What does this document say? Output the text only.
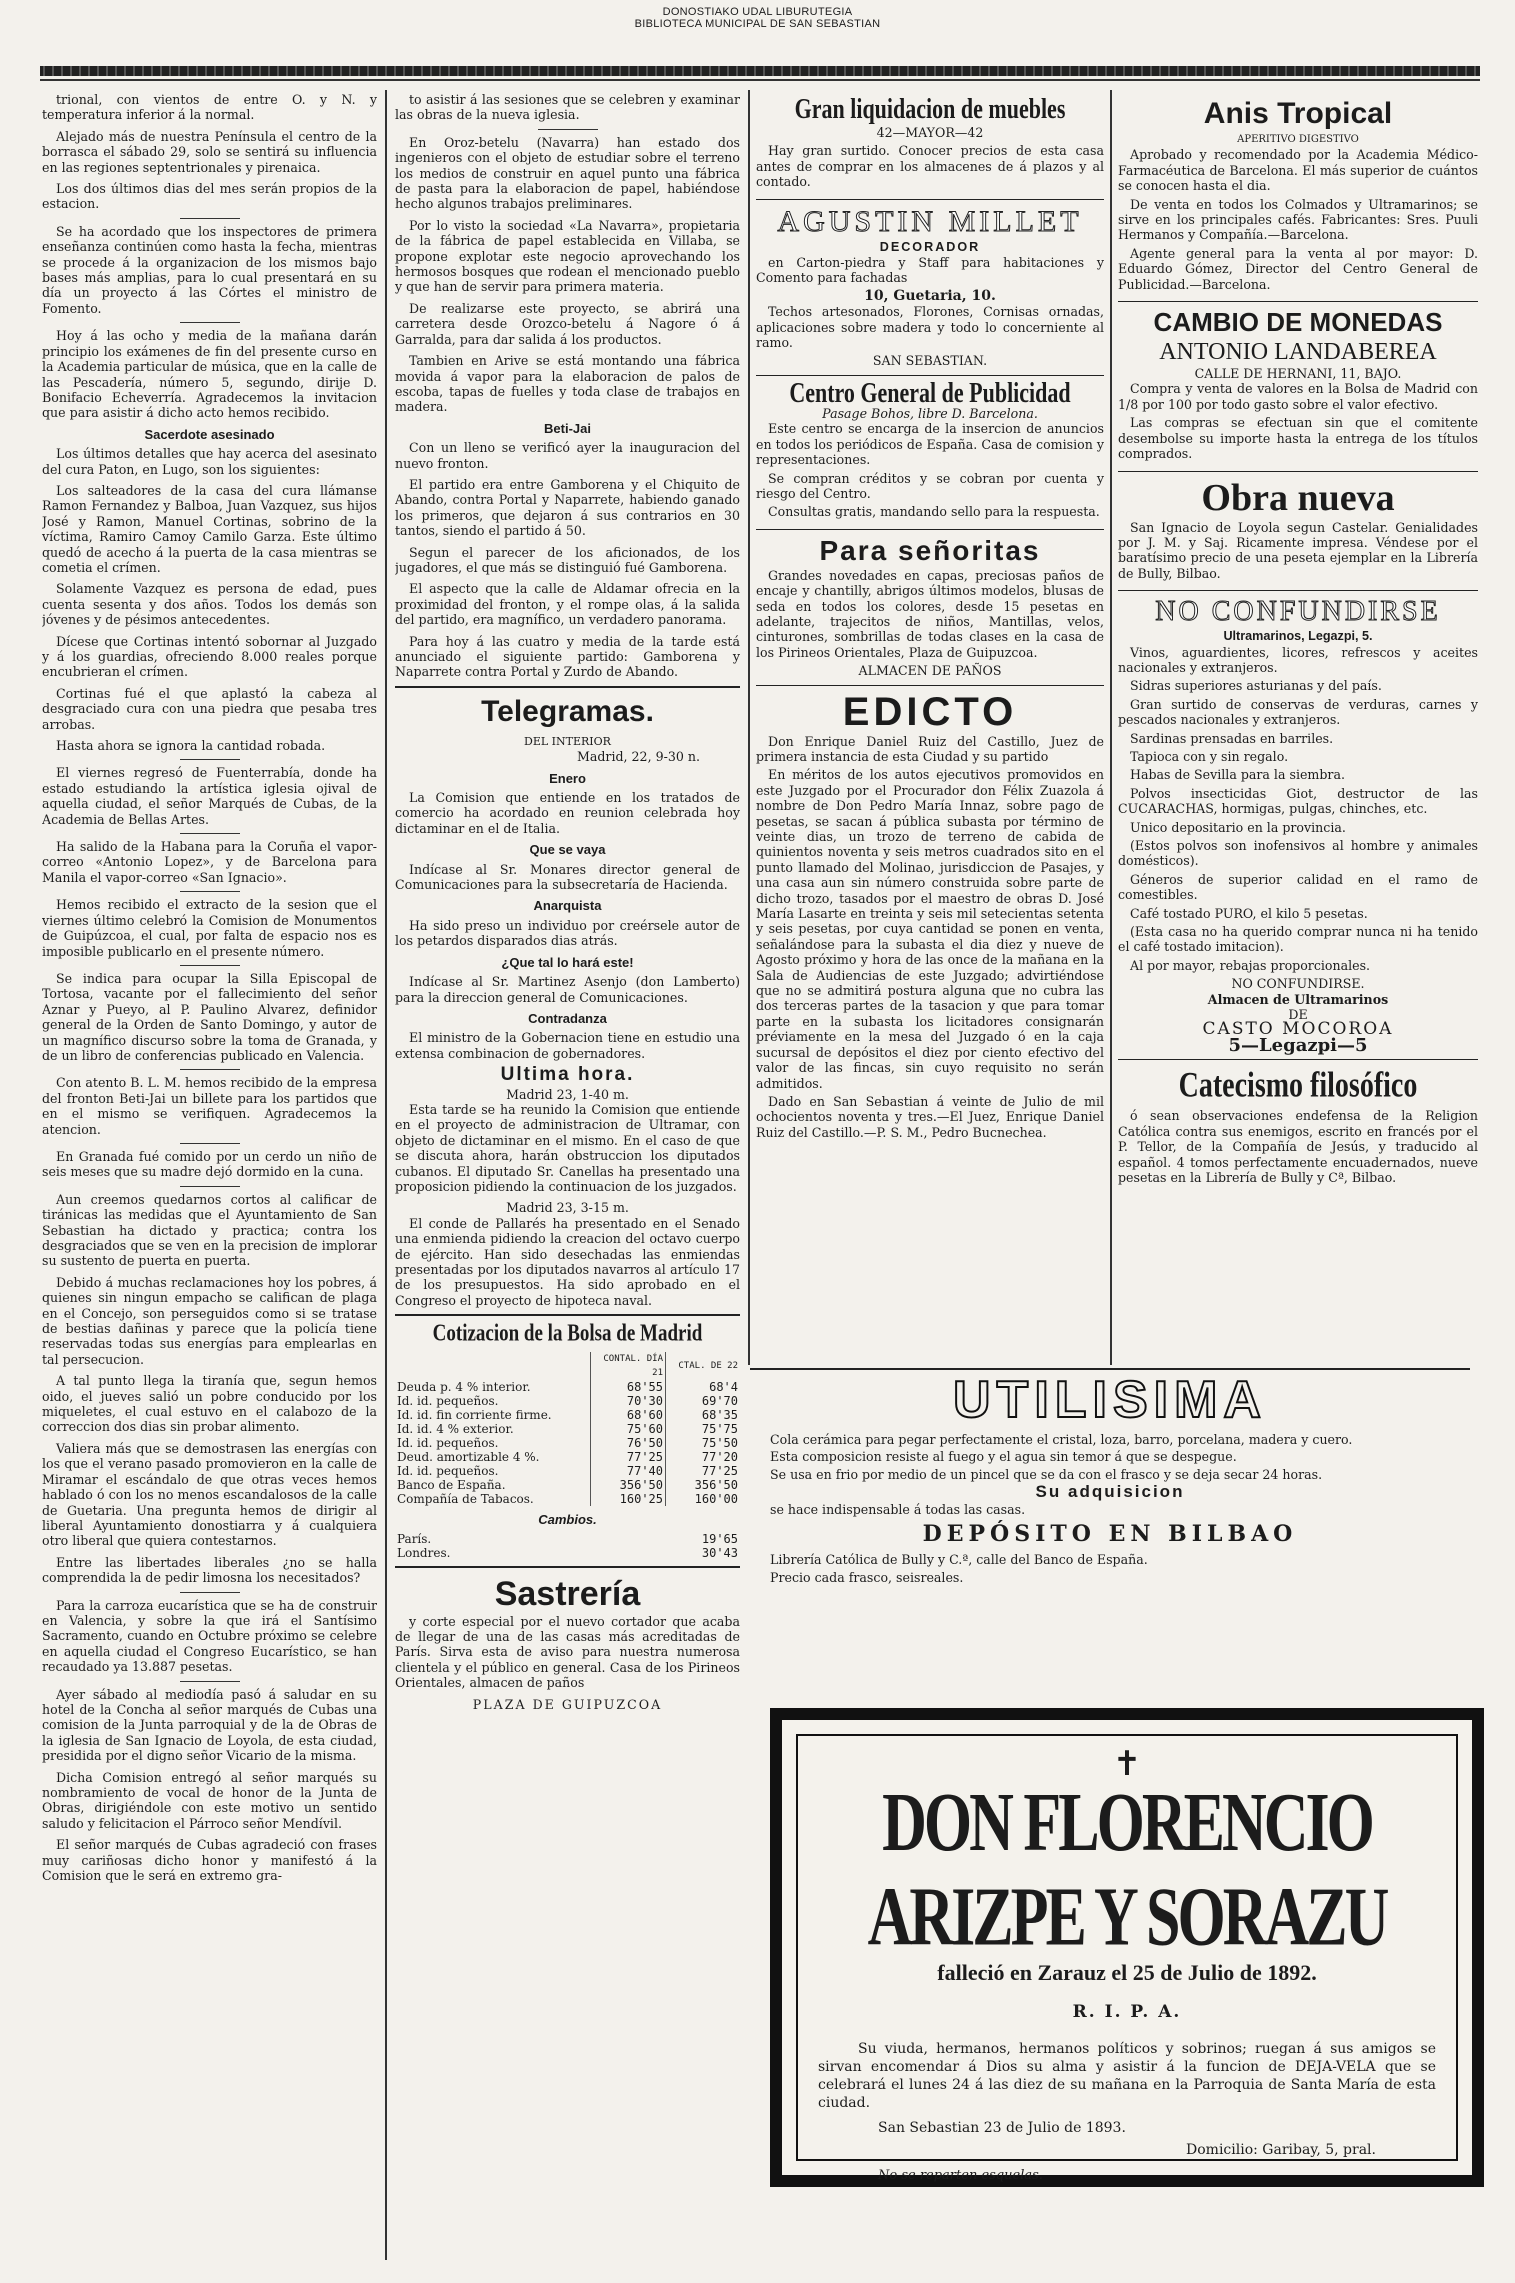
DONOSTIAKO UDAL LIBURUTEGIA
BIBLIOTECA MUNICIPAL DE SAN SEBASTIAN

trional, con vientos de entre O. y N. y temperatura inferior á la normal.

Alejado más de nuestra Península el centro de la borrasca el sábado 29, solo se sentirá su influencia en las regiones septentrionales y pirenaica.

Los dos últimos dias del mes serán propios de la estacion.

Se ha acordado que los inspectores de primera enseñanza continúen como hasta la fecha, mientras se procede á la organizacion de los mismos bajo bases más amplias, para lo cual presentará en su día un proyecto á las Córtes el ministro de Fomento.

Hoy á las ocho y media de la mañana darán principio los exámenes de fin del presente curso en la Academia particular de música, que en la calle de las Pescadería, número 5, segundo, dirije D. Bonifacio Echeverría. Agradecemos la invitacion que para asistir á dicho acto hemos recibido.

Sacerdote asesinado

Los últimos detalles que hay acerca del asesinato del cura Paton, en Lugo, son los siguientes:

Los salteadores de la casa del cura llámanse Ramon Fernandez y Balboa, Juan Vazquez, sus hijos José y Ramon, Manuel Cortinas, sobrino de la víctima, Ramiro Camoy Camilo Garza. Este último quedó de acecho á la puerta de la casa mientras se cometia el crímen.

Solamente Vazquez es persona de edad, pues cuenta sesenta y dos años. Todos los demás son jóvenes y de pésimos antecedentes.

Dícese que Cortinas intentó sobornar al Juzgado y á los guardias, ofreciendo 8.000 reales porque encubrieran el crímen.

Cortinas fué el que aplastó la cabeza al desgraciado cura con una piedra que pesaba tres arrobas.

Hasta ahora se ignora la cantidad robada.

El viernes regresó de Fuenterrabía, donde ha estado estudiando la artística iglesia ojival de aquella ciudad, el señor Marqués de Cubas, de la Academia de Bellas Artes.

Ha salido de la Habana para la Coruña el vapor-correo «Antonio Lopez», y de Barcelona para Manila el vapor-correo «San Ignacio».

Hemos recibido el extracto de la sesion que el viernes último celebró la Comision de Monumentos de Guipúzcoa, el cual, por falta de espacio nos es imposible publicarlo en el presente número.

Se indica para ocupar la Silla Episcopal de Tortosa, vacante por el fallecimiento del señor Aznar y Pueyo, al P. Paulino Alvarez, definidor general de la Orden de Santo Domingo, y autor de un magnífico discurso sobre la toma de Granada, y de un libro de conferencias publicado en Valencia.

Con atento B. L. M. hemos recibido de la empresa del fronton Beti-Jai un billete para los partidos que en el mismo se verifiquen. Agradecemos la atencion.

En Granada fué comido por un cerdo un niño de seis meses que su madre dejó dormido en la cuna.

Aun creemos quedarnos cortos al calificar de tiránicas las medidas que el Ayuntamiento de San Sebastian ha dictado y practica; contra los desgraciados que se ven en la precision de implorar su sustento de puerta en puerta.

Debido á muchas reclamaciones hoy los pobres, á quienes sin ningun empacho se califican de plaga en el Concejo, son perseguidos como si se tratase de bestias dañinas y parece que la policía tiene reservadas todas sus energías para emplearlas en tal persecucion.

A tal punto llega la tiranía que, segun hemos oido, el jueves salió un pobre conducido por los miqueletes, el cual estuvo en el calabozo de la correccion dos dias sin probar alimento.

Valiera más que se demostrasen las energías con los que el verano pasado promovieron en la calle de Miramar el escándalo de que otras veces hemos hablado ó con los no menos escandalosos de la calle de Guetaria. Una pregunta hemos de dirigir al liberal Ayuntamiento donostiarra y á cualquiera otro liberal que quiera contestarnos.

Entre las libertades liberales ¿no se halla comprendida la de pedir limosna los necesitados?

Para la carroza eucarística que se ha de construir en Valencia, y sobre la que irá el Santísimo Sacramento, cuando en Octubre próximo se celebre en aquella ciudad el Congreso Eucarístico, se han recaudado ya 13.887 pesetas.

Ayer sábado al mediodía pasó á saludar en su hotel de la Concha al señor marqués de Cubas una comision de la Junta parroquial y de la de Obras de la iglesia de San Ignacio de Loyola, de esta ciudad, presidida por el digno señor Vicario de la misma.

Dicha Comision entregó al señor marqués su nombramiento de vocal de honor de la Junta de Obras, dirigiéndole con este motivo un sentido saludo y felicitacion el Párroco señor Mendívil.

El señor marqués de Cubas agradeció con frases muy cariñosas dicho honor y manifestó á la Comision que le será en extremo gra-

to asistir á las sesiones que se celebren y examinar las obras de la nueva iglesia.

En Oroz-betelu (Navarra) han estado dos ingenieros con el objeto de estudiar sobre el terreno los medios de construir en aquel punto una fábrica de pasta para la elaboracion de papel, habiéndose hecho algunos trabajos preliminares.

Por lo visto la sociedad «La Navarra», propietaria de la fábrica de papel establecida en Villaba, se propone explotar este negocio aprovechando los hermosos bosques que rodean el mencionado pueblo y que han de servir para primera materia.

De realizarse este proyecto, se abrirá una carretera desde Orozco-betelu á Nagore ó á Garralda, para dar salida á los productos.

Tambien en Arive se está montando una fábrica movida á vapor para la elaboracion de palos de escoba, tapas de fuelles y toda clase de trabajos en madera.

Beti-Jai

Con un lleno se verificó ayer la inauguracion del nuevo fronton.

El partido era entre Gamborena y el Chiquito de Abando, contra Portal y Naparrete, habiendo ganado los primeros, que dejaron á sus contrarios en 30 tantos, siendo el partido á 50.

Segun el parecer de los aficionados, de los jugadores, el que más se distinguió fué Gamborena.

El aspecto que la calle de Aldamar ofrecia en la proximidad del fronton, y el rompe olas, á la salida del partido, era magnífico, un verdadero panorama.

Para hoy á las cuatro y media de la tarde está anunciado el siguiente partido: Gamborena y Naparrete contra Portal y Zurdo de Abando.

Telegramas.
DEL INTERIOR
Madrid, 22, 9-30 n.
Enero

La Comision que entiende en los tratados de comercio ha acordado en reunion celebrada hoy dictaminar en el de Italia.

Que se vaya

Indícase al Sr. Monares director general de Comunicaciones para la subsecretaría de Hacienda.

Anarquista

Ha sido preso un individuo por creérsele autor de los petardos disparados dias atrás.

¿Que tal lo hará este!

Indícase al Sr. Martinez Asenjo (don Lamberto) para la direccion general de Comunicaciones.

Contradanza

El ministro de la Gobernacion tiene en estudio una extensa combinacion de gobernadores.

Ultima hora.
Madrid 23, 1-40 m.

Esta tarde se ha reunido la Comision que entiende en el proyecto de administracion de Ultramar, con objeto de dictaminar en el mismo. En el caso de que se discuta ahora, harán obstruccion los diputados cubanos. El diputado Sr. Canellas ha presentado una proposicion pidiendo la continuacion de los juzgados.

Madrid 23, 3-15 m.

El conde de Pallarés ha presentado en el Senado una enmienda pidiendo la creacion del octavo cuerpo de ejército. Han sido desechadas las enmiendas presentadas por los diputados navarros al artículo 17 de los presupuestos. Ha sido aprobado en el Congreso el proyecto de hipoteca naval.

Cotizacion de la Bolsa de Madrid
	CONTAL. DÍA 21	CTAL. DE 22
Deuda p. 4 % interior.	68'55	68'4
Id. id. pequeños.	70'30	69'70
Id. id. fin corriente firme.	68'60	68'35
Id. id. 4 % exterior.	75'60	75'75
Id. id. pequeños.	76'50	75'50
Deud. amortizable 4 %.	77'25	77'20
Id. id. pequeños.	77'40	77'25
Banco de España.	356'50	356'50
Compañía de Tabacos.	160'25	160'00
Cambios.
París.	19'65
Londres.	30'43
Sastrería

y corte especial por el nuevo cortador que acaba de llegar de una de las casas más acreditadas de París. Sirva esta de aviso para nuestra numerosa clientela y el público en general. Casa de los Pirineos Orientales, almacen de paños

PLAZA DE GUIPUZCOA
Gran liquidacion de muebles
42—MAYOR—42

Hay gran surtido. Conocer precios de esta casa antes de comprar en los almacenes de á plazos y al contado.

AGUSTIN MILLET
DECORADOR

en Carton-piedra y Staff para habitaciones y Comento para fachadas

10, Guetaria, 10.

Techos artesonados, Florones, Cornisas ornadas, aplicaciones sobre madera y todo lo concerniente al ramo.

SAN SEBASTIAN.
Centro General de Publicidad
Pasage Bohos, libre D. Barcelona.

Este centro se encarga de la insercion de anuncios en todos los periódicos de España. Casa de comision y representaciones.

Se compran créditos y se cobran por cuenta y riesgo del Centro.

Consultas gratis, mandando sello para la respuesta.

Para señoritas

Grandes novedades en capas, preciosas paños de encaje y chantilly, abrigos últimos modelos, blusas de seda en todos los colores, desde 15 pesetas en adelante, trajecitos de niños, Mantillas, velos, cinturones, sombrillas de todas clases en la casa de los Pirineos Orientales, Plaza de Guipuzcoa.

ALMACEN DE PAÑOS
EDICTO

Don Enrique Daniel Ruiz del Castillo, Juez de primera instancia de esta Ciudad y su partido

En méritos de los autos ejecutivos promovidos en este Juzgado por el Procurador don Félix Zuazola á nombre de Don Pedro María Innaz, sobre pago de pesetas, se sacan á pública subasta por término de veinte dias, un trozo de terreno de cabida de quinientos noventa y seis metros cuadrados sito en el punto llamado del Molinao, jurisdiccion de Pasajes, y una casa aun sin número construida sobre parte de dicho trozo, tasados por el maestro de obras D. José María Lasarte en treinta y seis mil setecientas setenta y seis pesetas, por cuya cantidad se ponen en venta, señalándose para la subasta el dia diez y nueve de Agosto próximo y hora de las once de la mañana en la Sala de Audiencias de este Juzgado; advirtiéndose que no se admitirá postura alguna que no cubra las dos terceras partes de la tasacion y que para tomar parte en la subasta los licitadores consignarán préviamente en la mesa del Juzgado ó en la caja sucursal de depósitos el diez por ciento efectivo del valor de las fincas, sin cuyo requisito no serán admitidos.

Dado en San Sebastian á veinte de Julio de mil ochocientos noventa y tres.—El Juez, Enrique Daniel Ruiz del Castillo.—P. S. M., Pedro Bucnechea.

Anis Tropical
APERITIVO DIGESTIVO

Aprobado y recomendado por la Academia Médico-Farmacéutica de Barcelona. El más superior de cuántos se conocen hasta el dia.

De venta en todos los Colmados y Ultramarinos; se sirve en los principales cafés. Fabricantes: Sres. Puuli Hermanos y Compañía.—Barcelona.

Agente general para la venta al por mayor: D. Eduardo Gómez, Director del Centro General de Publicidad.—Barcelona.

CAMBIO DE MONEDAS
ANTONIO LANDABEREA
CALLE DE HERNANI, 11, BAJO.

Compra y venta de valores en la Bolsa de Madrid con 1/8 por 100 por todo gasto sobre el valor efectivo.

Las compras se efectuan sin que el comitente desembolse su importe hasta la entrega de los títulos comprados.

Obra nueva

San Ignacio de Loyola segun Castelar. Genialidades por J. M. y Saj. Ricamente impresa. Véndese por el baratísimo precio de una peseta ejemplar en la Librería de Bully, Bilbao.

NO CONFUNDIRSE
Ultramarinos, Legazpi, 5.

Vinos, aguardientes, licores, refrescos y aceites nacionales y extranjeros.

Sidras superiores asturianas y del país.

Gran surtido de conservas de verduras, carnes y pescados nacionales y extranjeros.

Sardinas prensadas en barriles.

Tapioca con y sin regalo.

Habas de Sevilla para la siembra.

Polvos insecticidas Giot, destructor de las CUCARACHAS, hormigas, pulgas, chinches, etc.

Unico depositario en la provincia.

(Estos polvos son inofensivos al hombre y animales domésticos).

Géneros de superior calidad en el ramo de comestibles.

Café tostado PURO, el kilo 5 pesetas.

(Esta casa no ha querido comprar nunca ni ha tenido el café tostado imitacion).

Al por mayor, rebajas proporcionales.

NO CONFUNDIRSE.
Almacen de Ultramarinos
DE
CASTO MOCOROA
5—Legazpi—5
Catecismo filosófico

ó sean observaciones endefensa de la Religion Católica contra sus enemigos, escrito en francés por el P. Tellor, de la Compañía de Jesús, y traducido al español. 4 tomos perfectamente encuadernados, nueve pesetas en la Librería de Bully y Cª, Bilbao.

UTILISIMA

Cola cerámica para pegar perfectamente el cristal, loza, barro, porcelana, madera y cuero.

Esta composicion resiste al fuego y el agua sin temor á que se despegue.

Se usa en frio por medio de un pincel que se da con el frasco y se deja secar 24 horas.

Su adquisicion

se hace indispensable á todas las casas.

DEPÓSITO EN BILBAO

Librería Católica de Bully y C.ª, calle del Banco de España.

Precio cada frasco, seisreales.

✝
DON FLORENCIO ARIZPE Y SORAZU
falleció en Zarauz el 25 de Julio de 1892.
R. I. P. A.

Su viuda, hermanos, hermanos políticos y sobrinos; ruegan á sus amigos se sirvan encomendar á Dios su alma y asistir á la funcion de DEJA-VELA que se celebrará el lunes 24 á las diez de su mañana en la Parroquia de Santa María de esta ciudad.

San Sebastian 23 de Julio de 1893.
Domicilio: Garibay, 5, pral.
No se reparten esquelas.
